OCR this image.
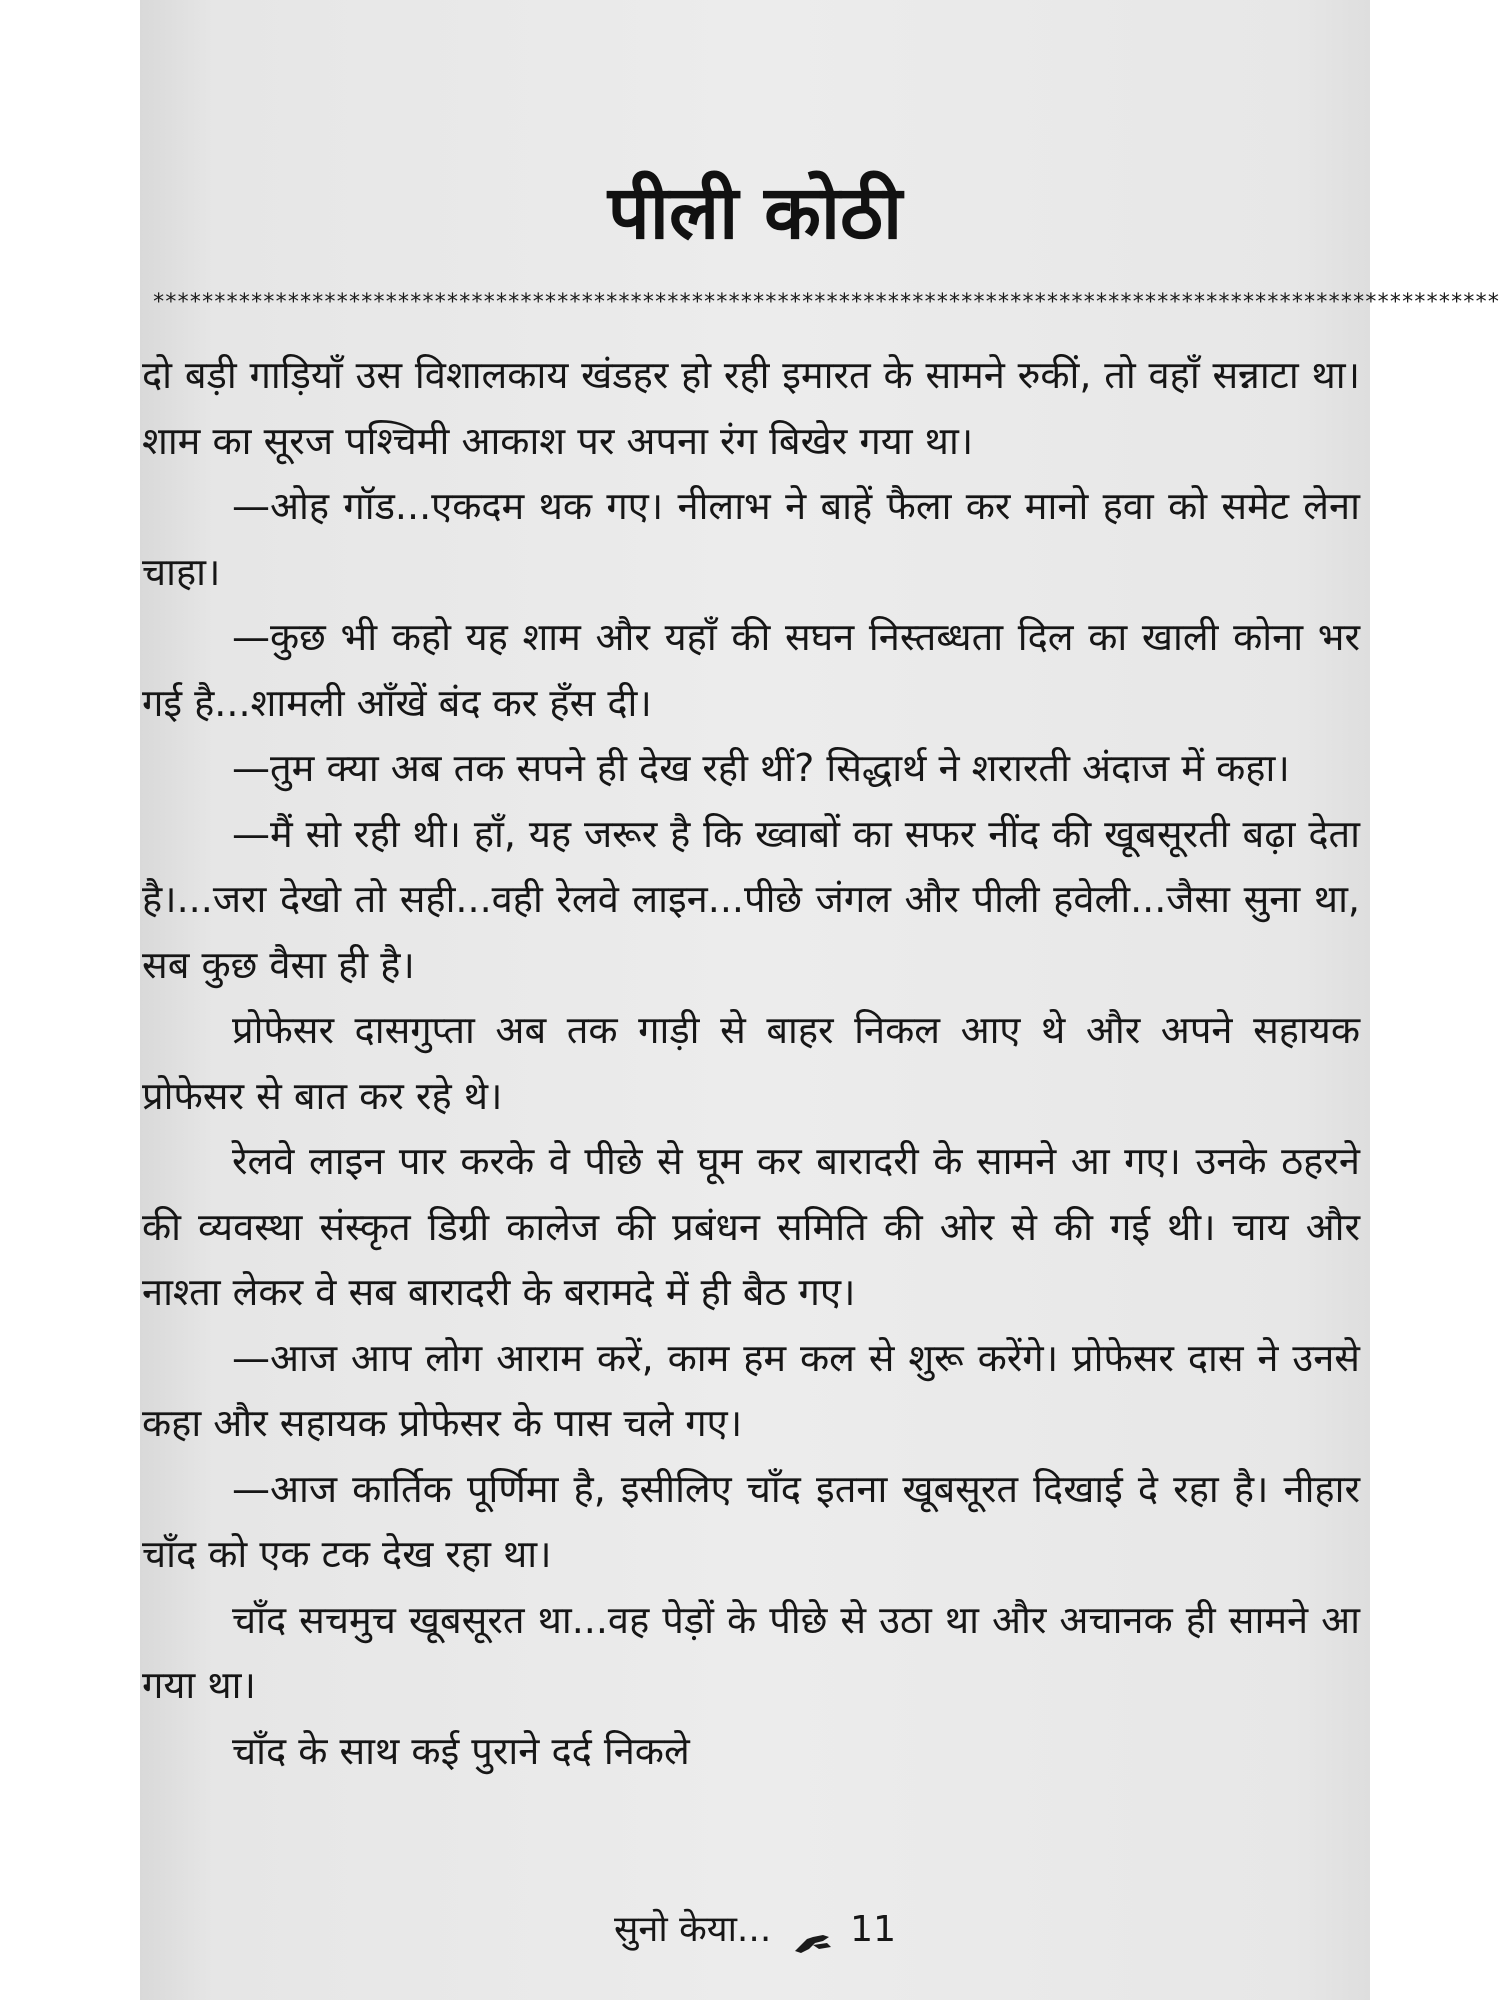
पीली कोठी
**************************************************************************************************************

दो बड़ी गाड़ियाँ उस विशालकाय खंडहर हो रही इमारत के सामने रुकीं, तो वहाँ सन्नाटा था। शाम का सूरज पश्चिमी आकाश पर अपना रंग बिखेर गया था।

—ओह गॉड...एकदम थक गए। नीलाभ ने बाहें फैला कर मानो हवा को समेट लेना चाहा।

—कुछ भी कहो यह शाम और यहाँ की सघन निस्तब्धता दिल का खाली कोना भर गई है...शामली आँखें बंद कर हँस दी।

—तुम क्या अब तक सपने ही देख रही थीं? सिद्धार्थ ने शरारती अंदाज में कहा।

—मैं सो रही थी। हाँ, यह जरूर है कि ख्वाबों का सफर नींद की खूबसूरती बढ़ा देता है।...जरा देखो तो सही...वही रेलवे लाइन...पीछे जंगल और पीली हवेली...जैसा सुना था, सब कुछ वैसा ही है।

प्रोफेसर दासगुप्ता अब तक गाड़ी से बाहर निकल आए थे और अपने सहायक प्रोफेसर से बात कर रहे थे।

रेलवे लाइन पार करके वे पीछे से घूम कर बारादरी के सामने आ गए। उनके ठहरने की व्यवस्था संस्कृत डिग्री कालेज की प्रबंधन समिति की ओर से की गई थी। चाय और नाश्ता लेकर वे सब बारादरी के बरामदे में ही बैठ गए।

—आज आप लोग आराम करें, काम हम कल से शुरू करेंगे। प्रोफेसर दास ने उनसे कहा और सहायक प्रोफेसर के पास चले गए।

—आज कार्तिक पूर्णिमा है, इसीलिए चाँद इतना खूबसूरत दिखाई दे रहा है। नीहार चाँद को एक टक देख रहा था।

चाँद सचमुच खूबसूरत था...वह पेड़ों के पीछे से उठा था और अचानक ही सामने आ गया था।

चाँद के साथ कई पुराने दर्द निकले

सुनो केया... 11
